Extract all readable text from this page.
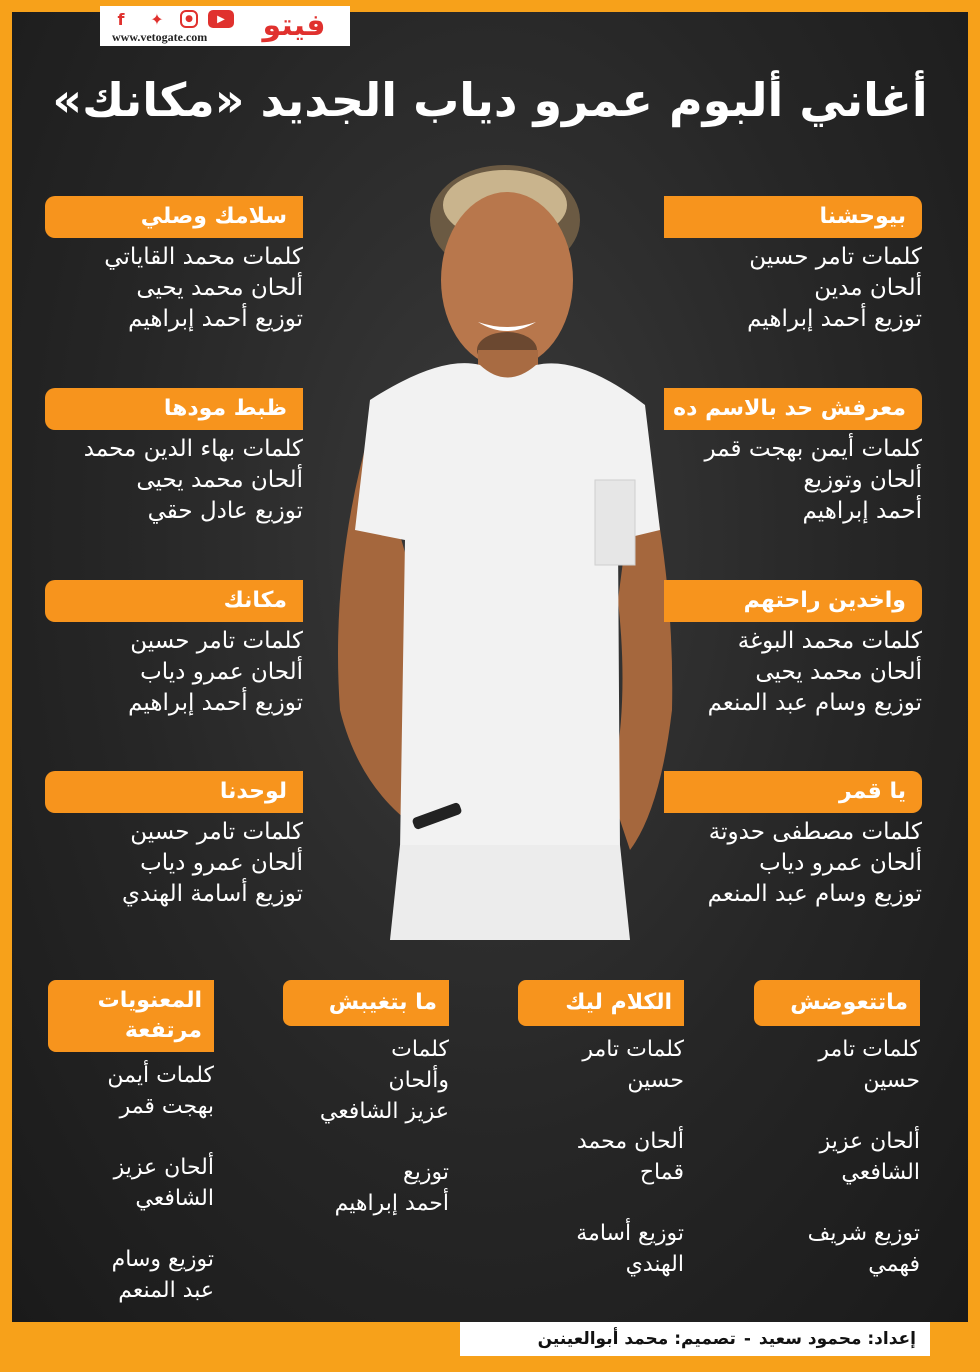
f	✦	●	▶
www.vetogate.com فيتو
أغاني ألبوم عمرو دياب الجديد «مكانك»
بيوحشنا
كلمات تامر حسين
ألحان مدين
توزيع أحمد إبراهيم
معرفش حد بالاسم ده
كلمات أيمن بهجت قمر
ألحان وتوزيع
أحمد إبراهيم
واخدين راحتهم
كلمات محمد البوغة
ألحان محمد يحيى
توزيع وسام عبد المنعم
يا قمر
كلمات مصطفى حدوتة
ألحان عمرو دياب
توزيع وسام عبد المنعم
سلامك وصلي
كلمات محمد القاياتي
ألحان محمد يحيى
توزيع أحمد إبراهيم
ظبط مودها
كلمات بهاء الدين محمد
ألحان محمد يحيى
توزيع عادل حقي
مكانك
كلمات تامر حسين
ألحان عمرو دياب
توزيع أحمد إبراهيم
لوحدنا
كلمات تامر حسين
ألحان عمرو دياب
توزيع أسامة الهندي
ماتتعوضش
كلمات تامر
حسين
ألحان عزيز
الشافعي
توزيع شريف
فهمي
الكلام ليك
كلمات تامر
حسين
ألحان محمد
قماح
توزيع أسامة
الهندي
ما بتغيبش
كلمات
وألحان
عزيز الشافعي
توزيع
أحمد إبراهيم
المعنويات
مرتفعة
كلمات أيمن
بهجت قمر
ألحان عزيز
الشافعي
توزيع وسام
عبد المنعم
إعداد: محمود سعيد
-
تصميم: محمد أبوالعينين
